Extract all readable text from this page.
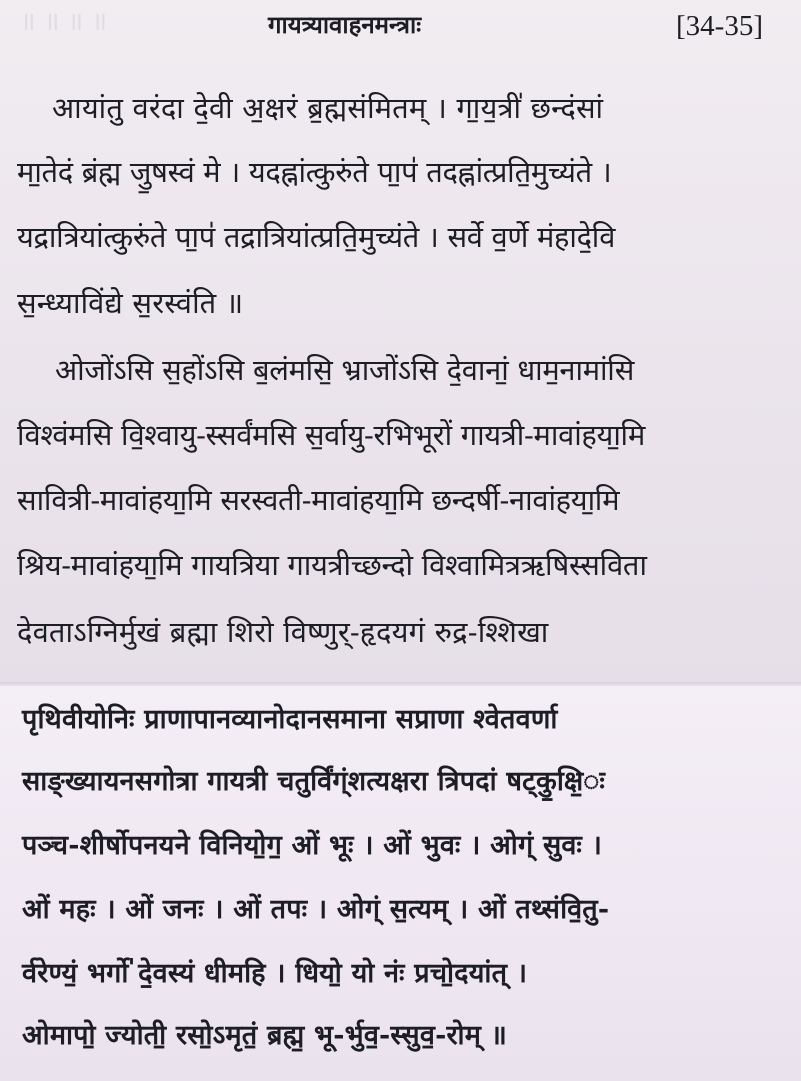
॥ ॥ ॥ ॥	गायत्र्यावाहनमन्त्राः	[34-35]
आयांतु वरंदा दे॒वी अ॒क्षरं ब्र॒ह्मसंमितम् । गा॒य॒त्री॑ छन्दंसां
मा॒तेदं ब्रंह्म जु॒षस्वं मे । यदह्नांत्कुरुंते पा॒प॑ तदह्नांत्प्रति॒मुच्यंते ।
यद्रात्रियांत्कुरुंते पा॒प॑ तद्रात्रियांत्प्रति॒मुच्यंते । सर्वे व॒र्णे मंहादे॒वि
स॒न्ध्याविंद्ये स॒रस्वंति ॥
ओजोंऽसि स॒होंऽसि ब॒लंमसि॒ भ्राजोंऽसि दे॒वानां॒ धाम॒नामांसि
विश्वंमसि वि॒श्वायु-स्सर्वंमसि स॒र्वायु-रभिभूरों गायत्री-मावांहया॒मि
सावित्री-मावांहया॒मि सरस्वती-मावांहया॒मि छन्दर्षी-नावांहया॒मि
श्रिय-मावांहया॒मि गायत्रिया गायत्रीच्छन्दो विश्वामित्रऋषिस्सविता
देवताऽग्निर्मुखं ब्रह्मा शिरो विष्णुर्-हृदयगं रुद्र-श्शिखा
पृथिवीयोनिः प्राणापानव्यानोदानसमाना सप्राणा श्वेतवर्णा
साङ्ख्यायनसगोत्रा गायत्री चतुर्विंग्ंशत्यक्षरा त्रिपदां षट्कु॒क्षि॒ः
पञ्च-शीर्षोपनयने विनियो॒ग॒ ओं भूः । ओं भुवः । ओग्ं सुवः ।
ओं महः । ओं जनः । ओं तपः । ओग्ं स॒त्यम् । ओं तथ्संवि॒तु-
र्वरेण्यं॒ भर्गो॑ दे॒वस्यं धीमहि । धियो॒ यो नंः प्रचो॒दयांत् ।
ओमापो॒ ज्योती॒ रसो॒ऽमृतं॒ ब्रह्म॒ भू-र्भुव॒-स्सुव॒-रोम् ॥
